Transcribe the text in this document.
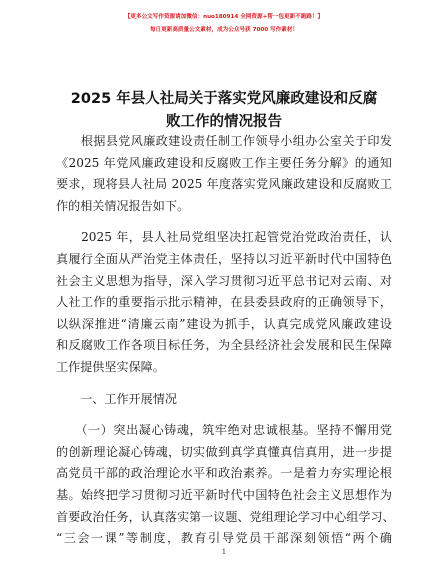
【更多公文写作资源请加微信：nuo180914 全网资源+帮一包更新不跑路！】
每日更新高质量公文素材，成为公众号获 7000 写作素材！
2025 年县人社局关于落实党风廉政建设和反腐
败工作的情况报告
　　根据县党风廉政建设责任制工作领导小组办公室关于印发
《2025 年党风廉政建设和反腐败工作主要任务分解》的通知
要求，现将县人社局 2025 年度落实党风廉政建设和反腐败工
作的相关情况报告如下。
　　2025 年，县人社局党组坚决扛起管党治党政治责任，认
真履行全面从严治党主体责任，坚持以习近平新时代中国特色
社会主义思想为指导，深入学习贯彻习近平总书记对云南、对
人社工作的重要指示批示精神，在县委县政府的正确领导下，
以纵深推进“清廉云南”建设为抓手，认真完成党风廉政建设
和反腐败工作各项目标任务，为全县经济社会发展和民生保障
工作提供坚实保障。
　　一、工作开展情况
　　（一）突出凝心铸魂，筑牢绝对忠诚根基。坚持不懈用党
的创新理论凝心铸魂，切实做到真学真懂真信真用，进一步提
高党员干部的政治理论水平和政治素养。一是着力夯实理论根
基。始终把学习贯彻习近平新时代中国特色社会主义思想作为
首要政治任务，认真落实第一议题、党组理论学习中心组学习、
“三会一课”等制度，教育引导党员干部深刻领悟“两个确
1
